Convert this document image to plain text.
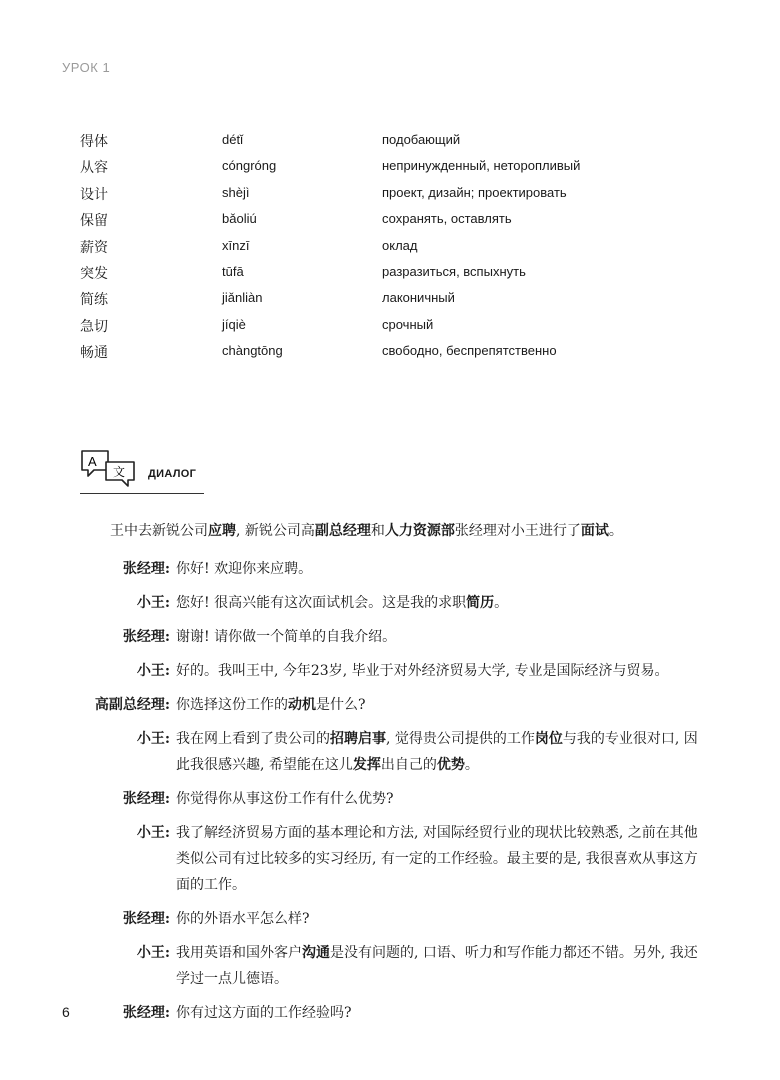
УРОК 1
得体	détǐ	подобающий
从容	cóngróng	непринужденный, неторопливый
设计	shèjì	проект, дизайн; проектировать
保留	bǎoliú	сохранять, оставлять
薪资	xīnzī	оклад
突发	tūfā	разразиться, вспыхнуть
简练	jiǎnliàn	лаконичный
急切	jíqiè	срочный
畅通	chàngtōng	свободно, беспрепятственно
A
文 ДИАЛОГ
王中去新锐公司应聘, 新锐公司高副总经理和人力资源部张经理对小王进行了面试。
张经理: 你好! 欢迎你来应聘。
小王: 您好! 很高兴能有这次面试机会。这是我的求职简历。
张经理: 谢谢! 请你做一个简单的自我介绍。
小王: 好的。我叫王中, 今年23岁, 毕业于对外经济贸易大学, 专业是国际经济与贸易。
高副总经理: 你选择这份工作的动机是什么?
小王: 我在网上看到了贵公司的招聘启事, 觉得贵公司提供的工作岗位与我的专业很对口, 因此我很感兴趣, 希望能在这儿发挥出自己的优势。
张经理: 你觉得你从事这份工作有什么优势?
小王: 我了解经济贸易方面的基本理论和方法, 对国际经贸行业的现状比较熟悉, 之前在其他类似公司有过比较多的实习经历, 有一定的工作经验。最主要的是, 我很喜欢从事这方面的工作。
张经理: 你的外语水平怎么样?
小王: 我用英语和国外客户沟通是没有问题的, 口语、听力和写作能力都还不错。另外, 我还学过一点儿德语。
张经理: 你有过这方面的工作经验吗?
6
